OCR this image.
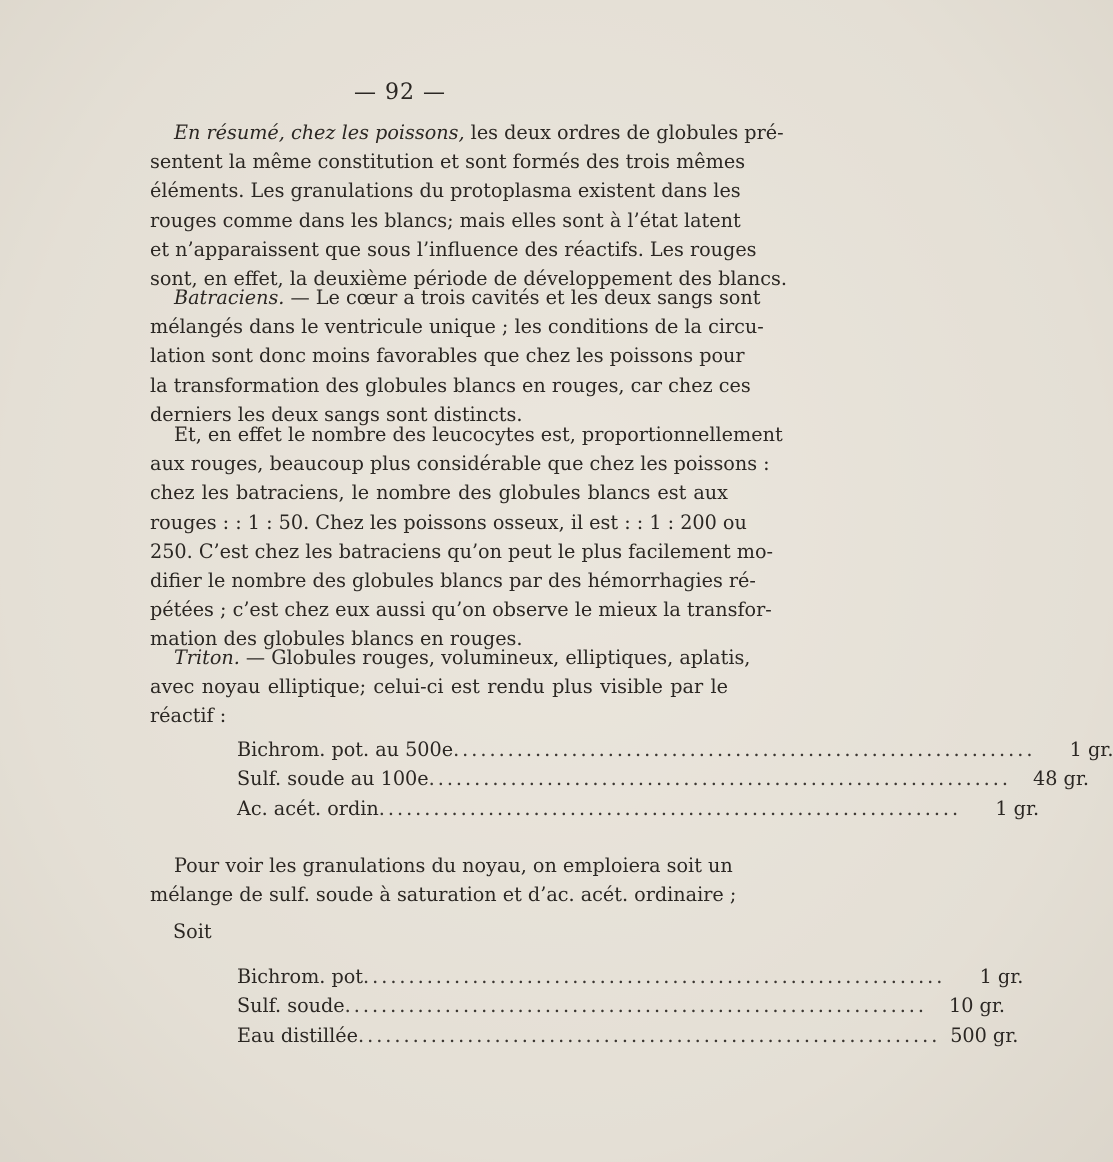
— 92 —
En résumé, chez les poissons, les deux ordres de globules pré-
sentent la même constitution et sont formés des trois mêmes
éléments. Les granulations du protoplasma existent dans les
rouges comme dans les blancs; mais elles sont à l’état latent
et n’apparaissent que sous l’influence des réactifs. Les rouges
sont, en effet, la deuxième période de développement des blancs.
Batraciens. — Le cœur a trois cavités et les deux sangs sont
mélangés dans le ventricule unique ; les conditions de la circu-
lation sont donc moins favorables que chez les poissons pour
la transformation des globules blancs en rouges, car chez ces
derniers les deux sangs sont distincts.
Et, en effet le nombre des leucocytes est, proportionnellement
aux rouges, beaucoup plus considérable que chez les poissons :
chez les batraciens, le nombre des globules blancs est aux
rouges : : 1 : 50. Chez les poissons osseux, il est : : 1 : 200 ou
250. C’est chez les batraciens qu’on peut le plus facilement mo-
difier le nombre des globules blancs par des hémorrhagies ré-
pétées ; c’est chez eux aussi qu’on observe le mieux la transfor-
mation des globules blancs en rouges.
Triton. — Globules rouges, volumineux, elliptiques, aplatis,
avec noyau elliptique; celui-ci est rendu plus visible par le
réactif :
Bichrom. pot. au 500e ................................................................	1 gr.
Sulf. soude au 100e ................................................................	48 gr.
Ac. acét. ordin ................................................................	1 gr.
Pour voir les granulations du noyau, on emploiera soit un
mélange de sulf. soude à saturation et d’ac. acét. ordinaire ;
Soit
Bichrom. pot ................................................................	1 gr.
Sulf. soude ................................................................	10 gr.
Eau distillée ................................................................ 500 gr.
